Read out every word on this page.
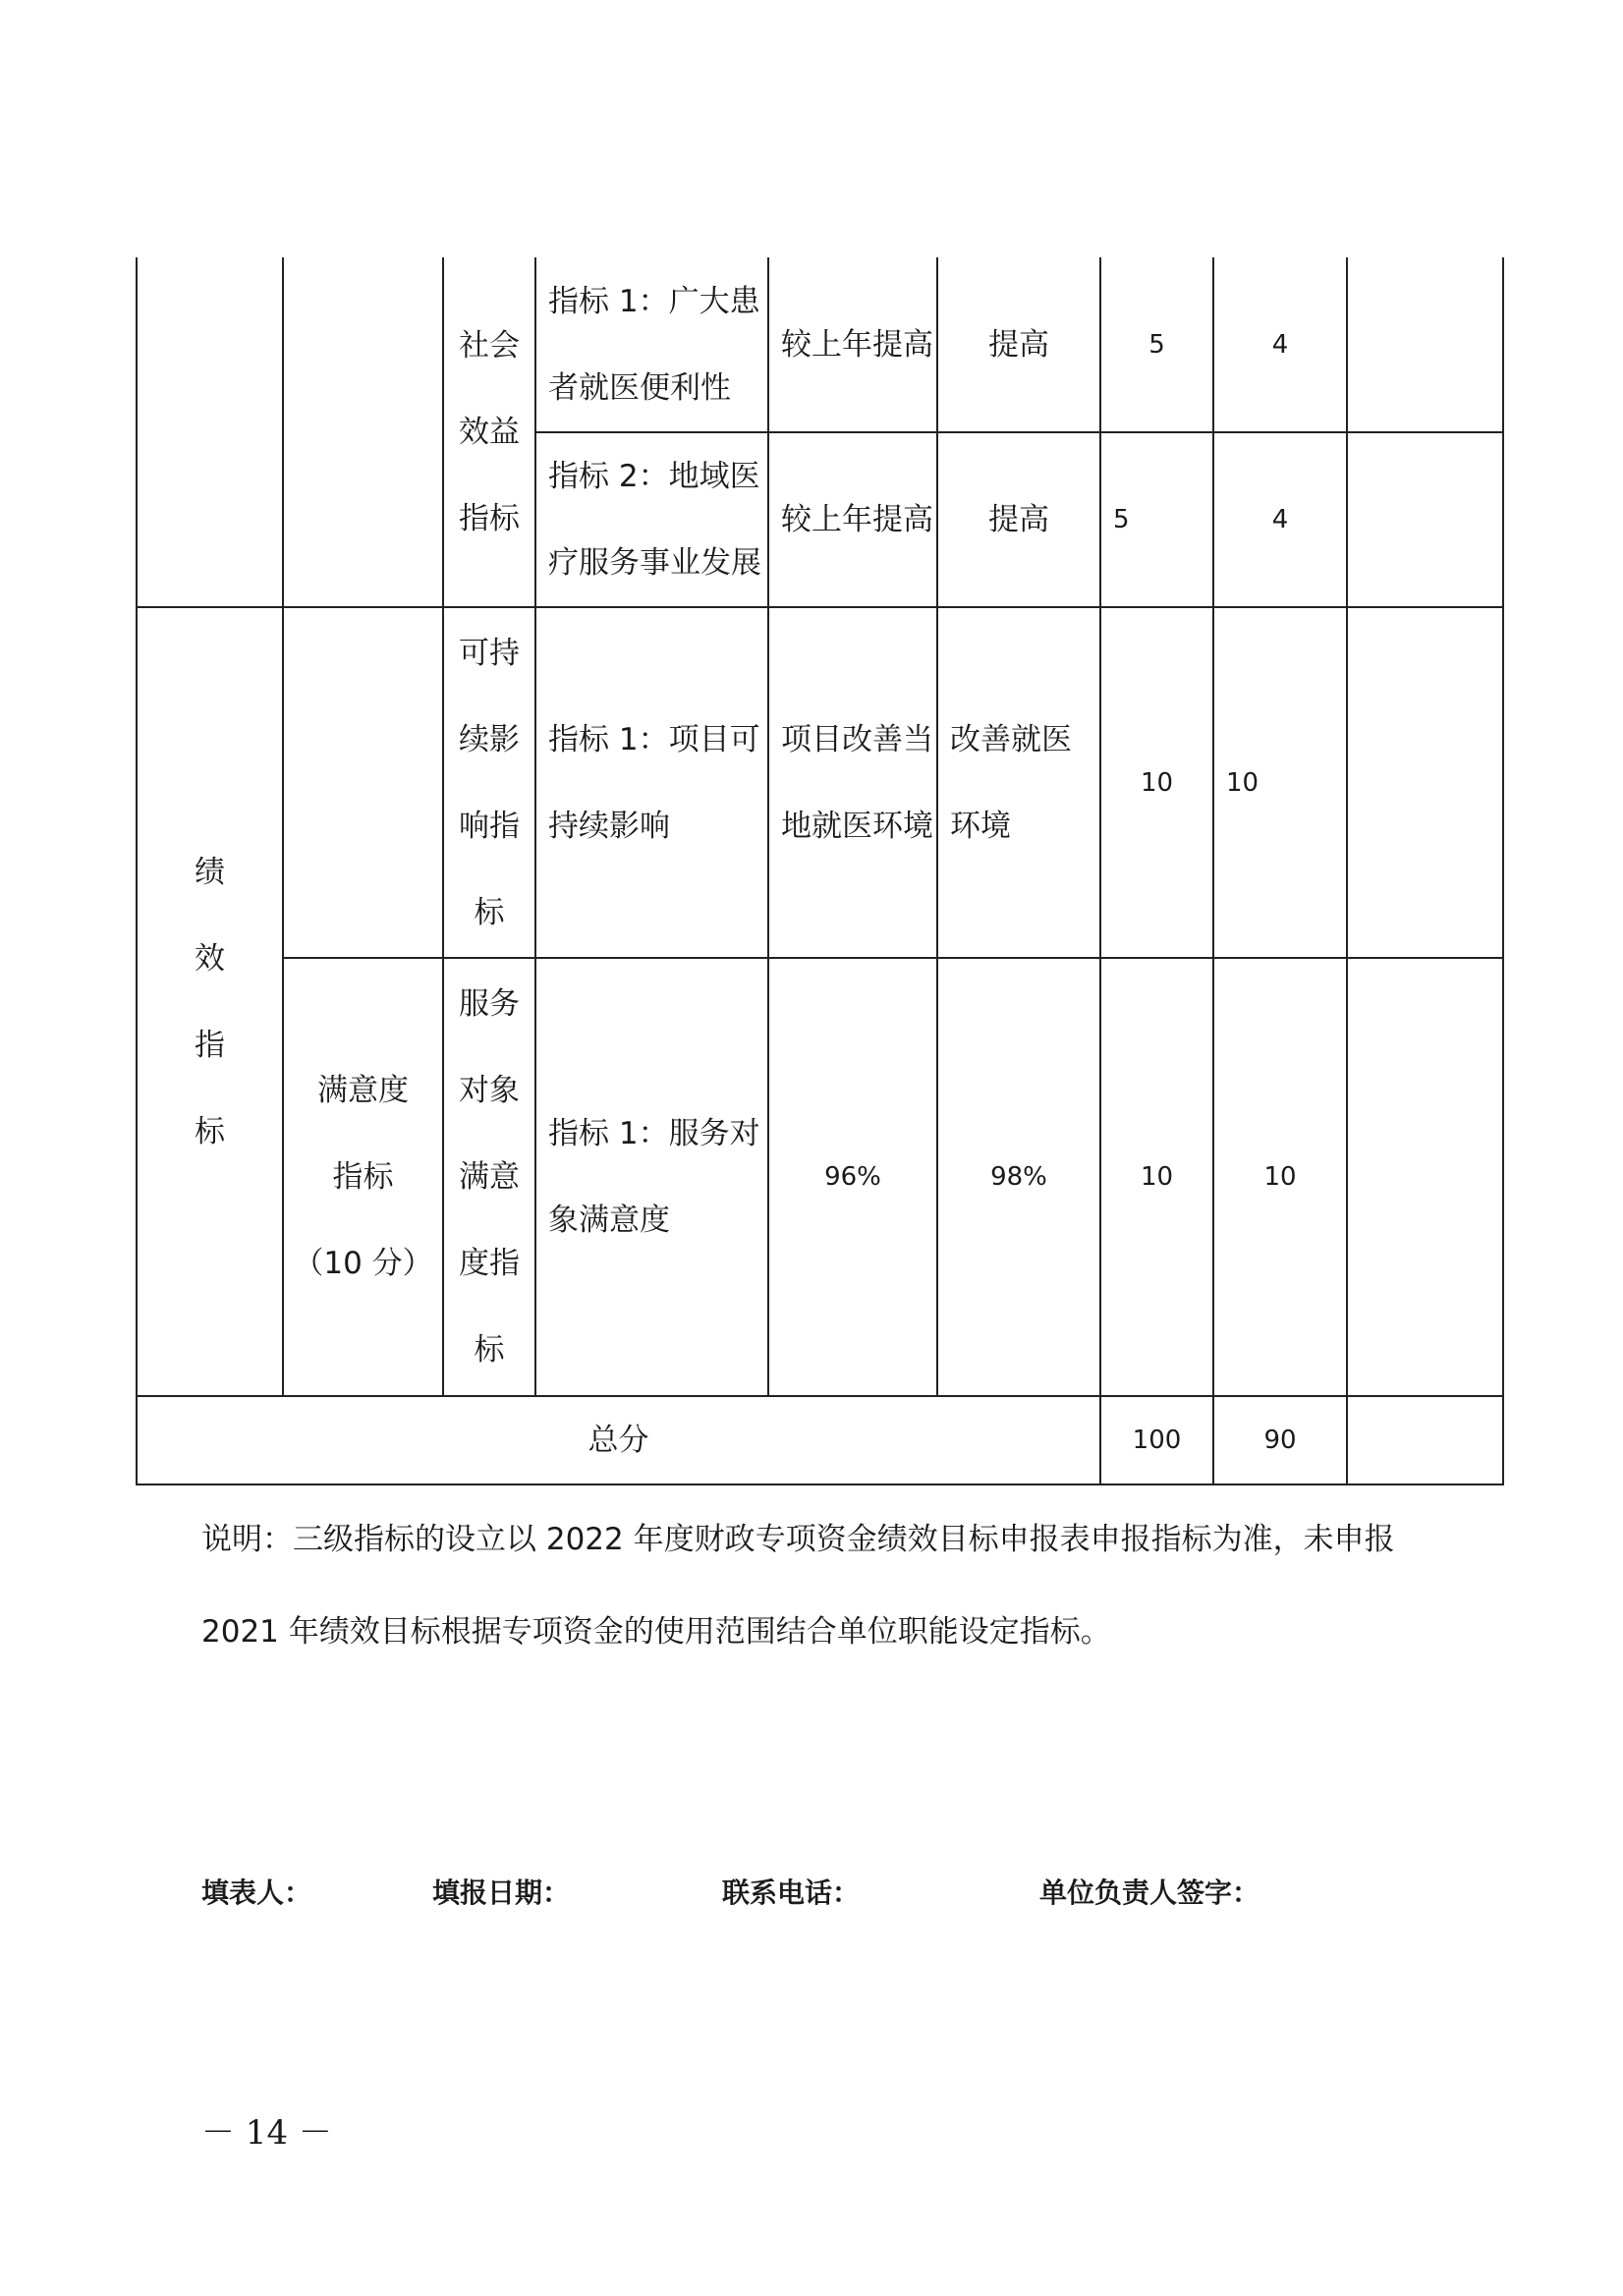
		社会效益指标	指标 1：广大患者就医便利性	较上年提高	提高	5	4	
			指标 2：地域医疗服务事业发展	较上年提高	提高	5	4	

绩
效
指
标		可持
续影
响指
标	指标 1：项目可持续影响	项目改善当地就医环境	改善就医环境	10	10	

	满意度
指标
（10 分）	服务
对象
满意
度指
标	指标 1：服务对象满意度	96%	98%	10	10	
总分						100	90	

说明：三级指标的设立以 2022 年度财政专项资金绩效目标申报表申报指标为准，未申报 2021 年绩效目标根据专项资金的使用范围结合单位职能设定指标。

填表人：	填报日期：	联系电话：	单位负责人签字：
－ 14 －
